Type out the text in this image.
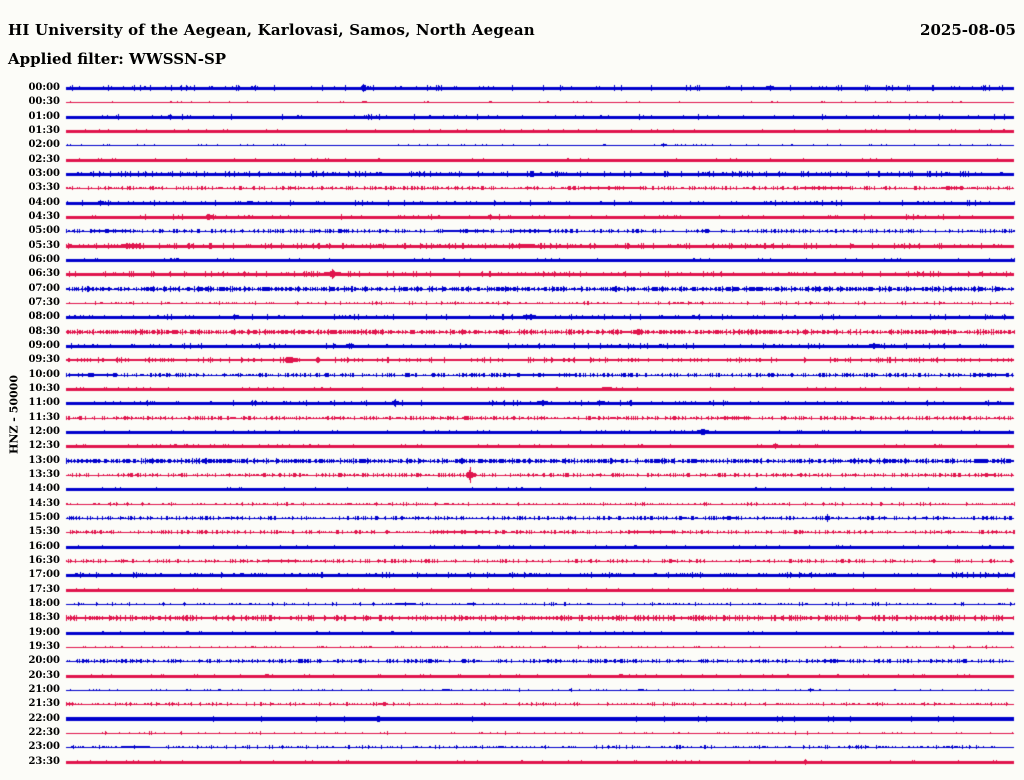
00:00
00:30
01:00
01:30
02:00
02:30
03:00
03:30
04:00
04:30
05:00
05:30
06:00
06:30
07:00
07:30
08:00
08:30
09:00
09:30
10:00
10:30
11:00
11:30
12:00
12:30
13:00
13:30
14:00
14:30
15:00
15:30
16:00
16:30
17:00
17:30
18:00
18:30
19:00
19:30
20:00
20:30
21:00
21:30
22:00
22:30
23:00
23:30
